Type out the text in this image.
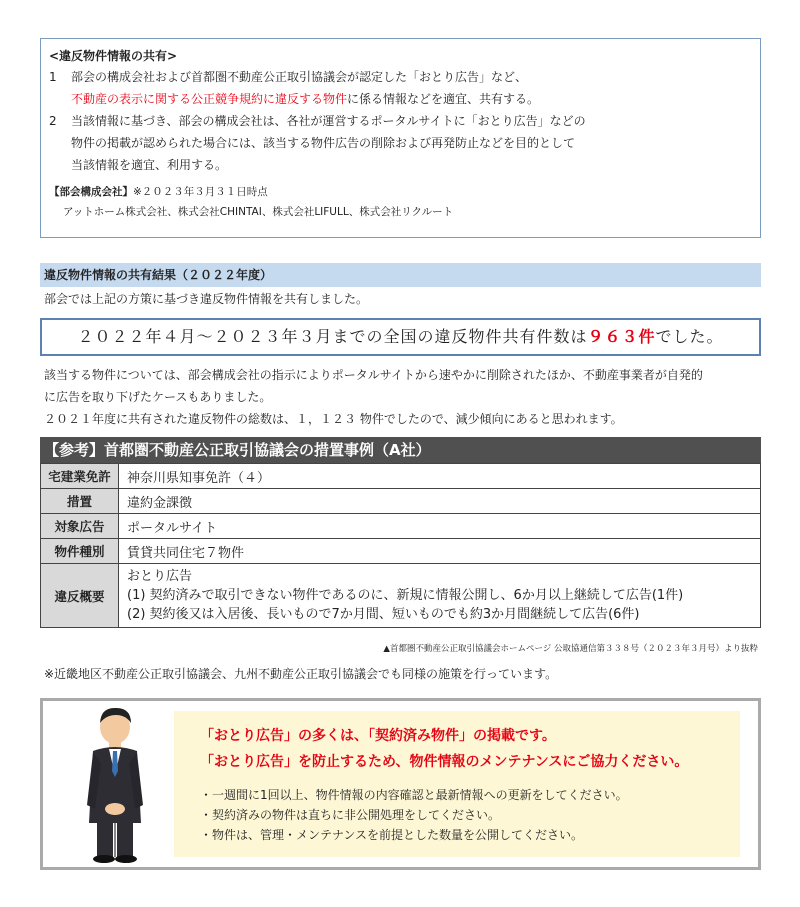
<違反物件情報の共有>
1	部会の構成会社および首都圏不動産公正取引協議会が認定した「おとり広告」など、
不動産の表示に関する公正競争規約に違反する物件に係る情報などを適宜、共有する。
2	当該情報に基づき、部会の構成会社は、各社が運営するポータルサイトに「おとり広告」などの
物件の掲載が認められた場合には、該当する物件広告の削除および再発防止などを目的として
当該情報を適宜、利用する。
【部会構成会社】※２０２３年３月３１日時点
アットホーム株式会社、株式会社CHINTAI、株式会社LIFULL、株式会社リクルート
違反物件情報の共有結果（２０２２年度）
部会では上記の方策に基づき違反物件情報を共有しました。
２０２２年４月～２０２３年３月までの全国の違反物件共有件数は９６３件でした。
該当する物件については、部会構成会社の指示によりポータルサイトから速やかに削除されたほか、不動産事業者が自発的
に広告を取り下げたケースもありました。
２０２１年度に共有された違反物件の総数は、１，１２３ 物件でしたので、減少傾向にあると思われます。
【参考】首都圏不動産公正取引協議会の措置事例（A社）
宅建業免許	神奈川県知事免許（４）
措置	違約金課徴
対象広告	ポータルサイト
物件種別	賃貸共同住宅７物件
違反概要	おとり広告
(1) 契約済みで取引できない物件であるのに、新規に情報公開し、6か月以上継続して広告(1件)
(2) 契約後又は入居後、長いもので7か月間、短いものでも約3か月間継続して広告(6件)
▲首都圏不動産公正取引協議会ホームページ 公取協通信第３３８号（２０２３年３月号）より抜粋
※近畿地区不動産公正取引協議会、九州不動産公正取引協議会でも同様の施策を行っています。
「おとり広告」の多くは、「契約済み物件」の掲載です。
「おとり広告」を防止するため、物件情報のメンテナンスにご協力ください。
・一週間に1回以上、物件情報の内容確認と最新情報への更新をしてください。
・契約済みの物件は直ちに非公開処理をしてください。
・物件は、管理・メンテナンスを前提とした数量を公開してください。
